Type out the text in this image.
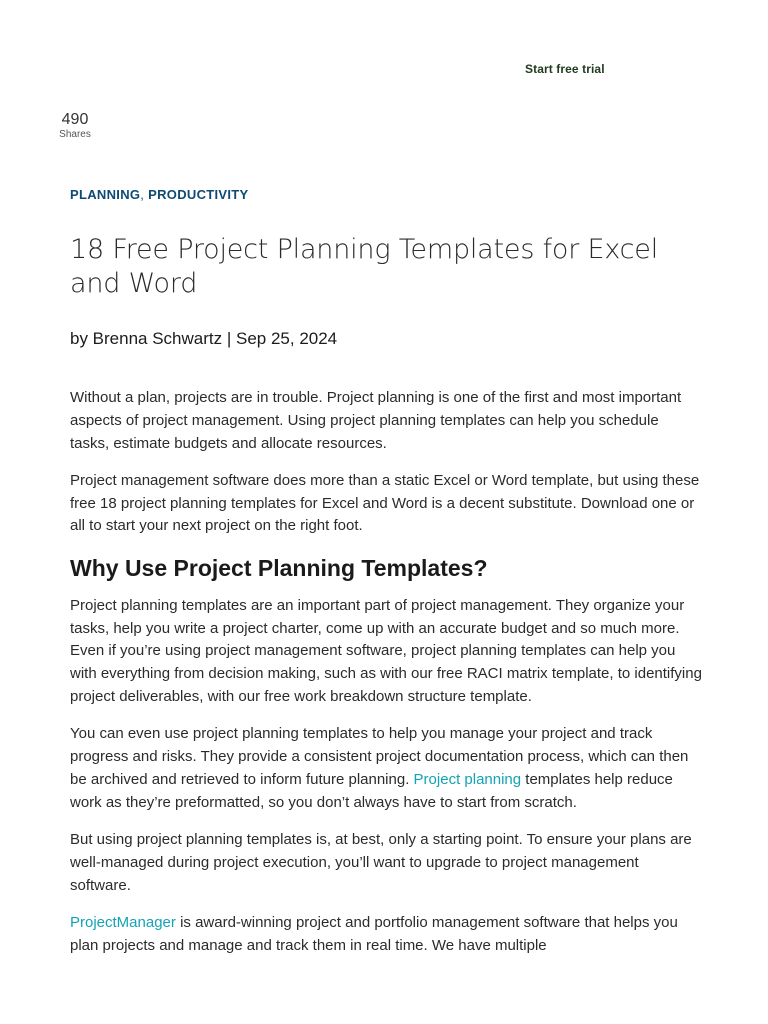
Start free trial
490
Shares
PLANNING, PRODUCTIVITY
18 Free Project Planning Templates for Excel and Word
by Brenna Schwartz | Sep 25, 2024

Without a plan, projects are in trouble. Project planning is one of the first and most important aspects of project management. Using project planning templates can help you schedule tasks, estimate budgets and allocate resources.

Project management software does more than a static Excel or Word template, but using these free 18 project planning templates for Excel and Word is a decent substitute. Download one or all to start your next project on the right foot.

Why Use Project Planning Templates?

Project planning templates are an important part of project management. They organize your tasks, help you write a project charter, come up with an accurate budget and so much more. Even if you’re using project management software, project planning templates can help you with everything from decision making, such as with our free RACI matrix template, to identifying project deliverables, with our free work breakdown structure template.

You can even use project planning templates to help you manage your project and track progress and risks. They provide a consistent project documentation process, which can then be archived and retrieved to inform future planning. Project planning templates help reduce work as they’re preformatted, so you don’t always have to start from scratch.

But using project planning templates is, at best, only a starting point. To ensure your plans are well-managed during project execution, you’ll want to upgrade to project management software.

ProjectManager is award-winning project and portfolio management software that helps you plan projects and manage and track them in real time. We have multiple
